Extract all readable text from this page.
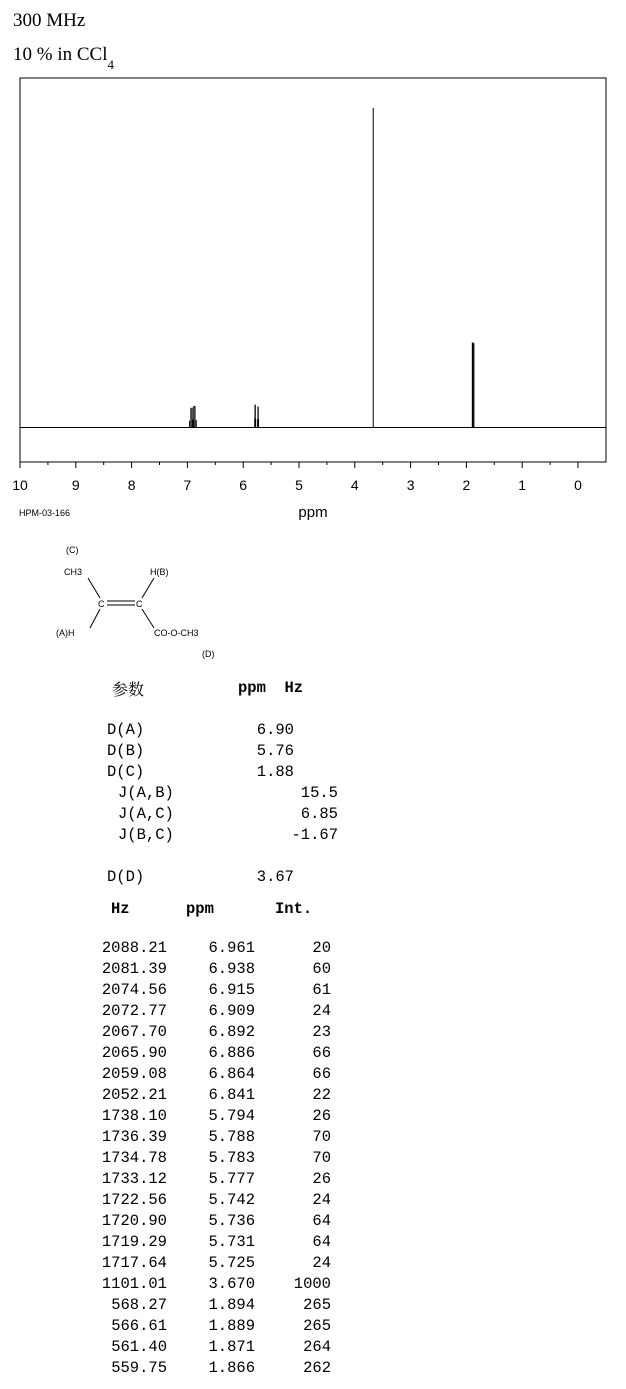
300 MHz
10 % in CCl$_4$
10	9	8	7	6	5	4	3	2	1	0
ppm
HPM-03-166
(C)
CH3	H(B)
C	C
(A)H	CO-O-CH3
(D)
参数	ppm  Hz
D(A)	6.90
D(B)	5.76
D(C)	1.88
J(A,B)	15.5
J(A,C)	6.85
J(B,C)	-1.67
D(D)	3.67
Hz	ppm	Int.
2088.21	6.961	20
2081.39	6.938	60
2074.56	6.915	61
2072.77	6.909	24
2067.70	6.892	23
2065.90	6.886	66
2059.08	6.864	66
2052.21	6.841	22
1738.10	5.794	26
1736.39	5.788	70
1734.78	5.783	70
1733.12	5.777	26
1722.56	5.742	24
1720.90	5.736	64
1719.29	5.731	64
1717.64	5.725	24
1101.01	3.670	1000
568.27	1.894	265
566.61	1.889	265
561.40	1.871	264
559.75	1.866	262
